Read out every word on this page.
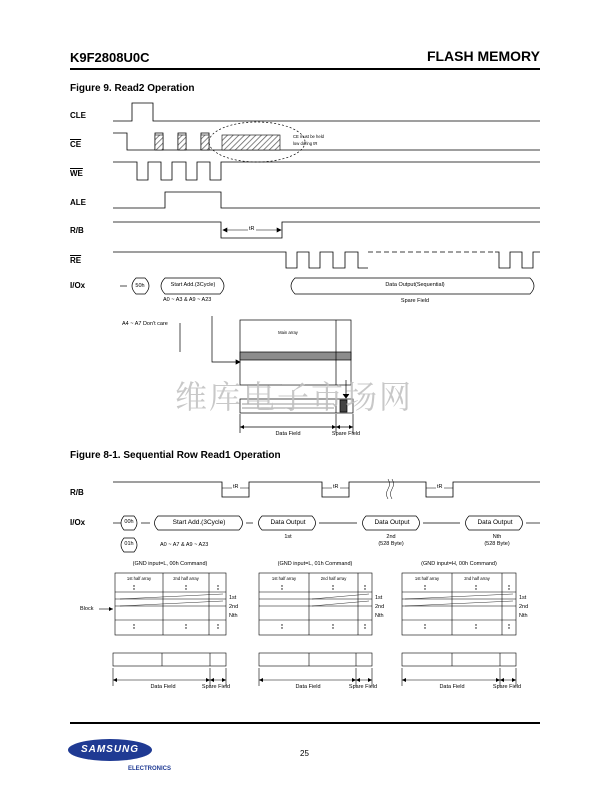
K9F2808U0C	FLASH MEMORY
Figure 9. Read2 Operation
维库电子市场网
CLE
$\overline{CE}$
$\overline{WE}$
ALE
R/B
$\overline{RE}$
I/Ox
CE must be held
low during tR
tR
50h	Start Add.(3Cycle)
A0 ~ A3 & A9 ~ A23
Data Output(Sequential)
Spare Field
A4 ~ A7 Don't care
Main array
Data Field	Spare Field
Figure 8-1. Sequential Row Read1 Operation
R/B
I/Ox
tR	tR	tR
00h
01h
Start Add.(3Cycle)
A0 ~ A7 & A9 ~ A23
Data Output	Data Output	Data Output
1st	2nd
(528 Byte)
Nth
(528 Byte)
(GND input=L, 00h Command)	(GND input=L, 01h Command)	(GND input=H, 00h Command)
1st half array	2nd half array	1st half array	2nd half array	1st half array	2nd half array
Block
1st
2nd
Nth
1st
2nd
Nth
1st
2nd
Nth
Data Field	Spare Field	Data Field	Spare Field	Data Field	Spare Field
SAMSUNG
ELECTRONICS
25
